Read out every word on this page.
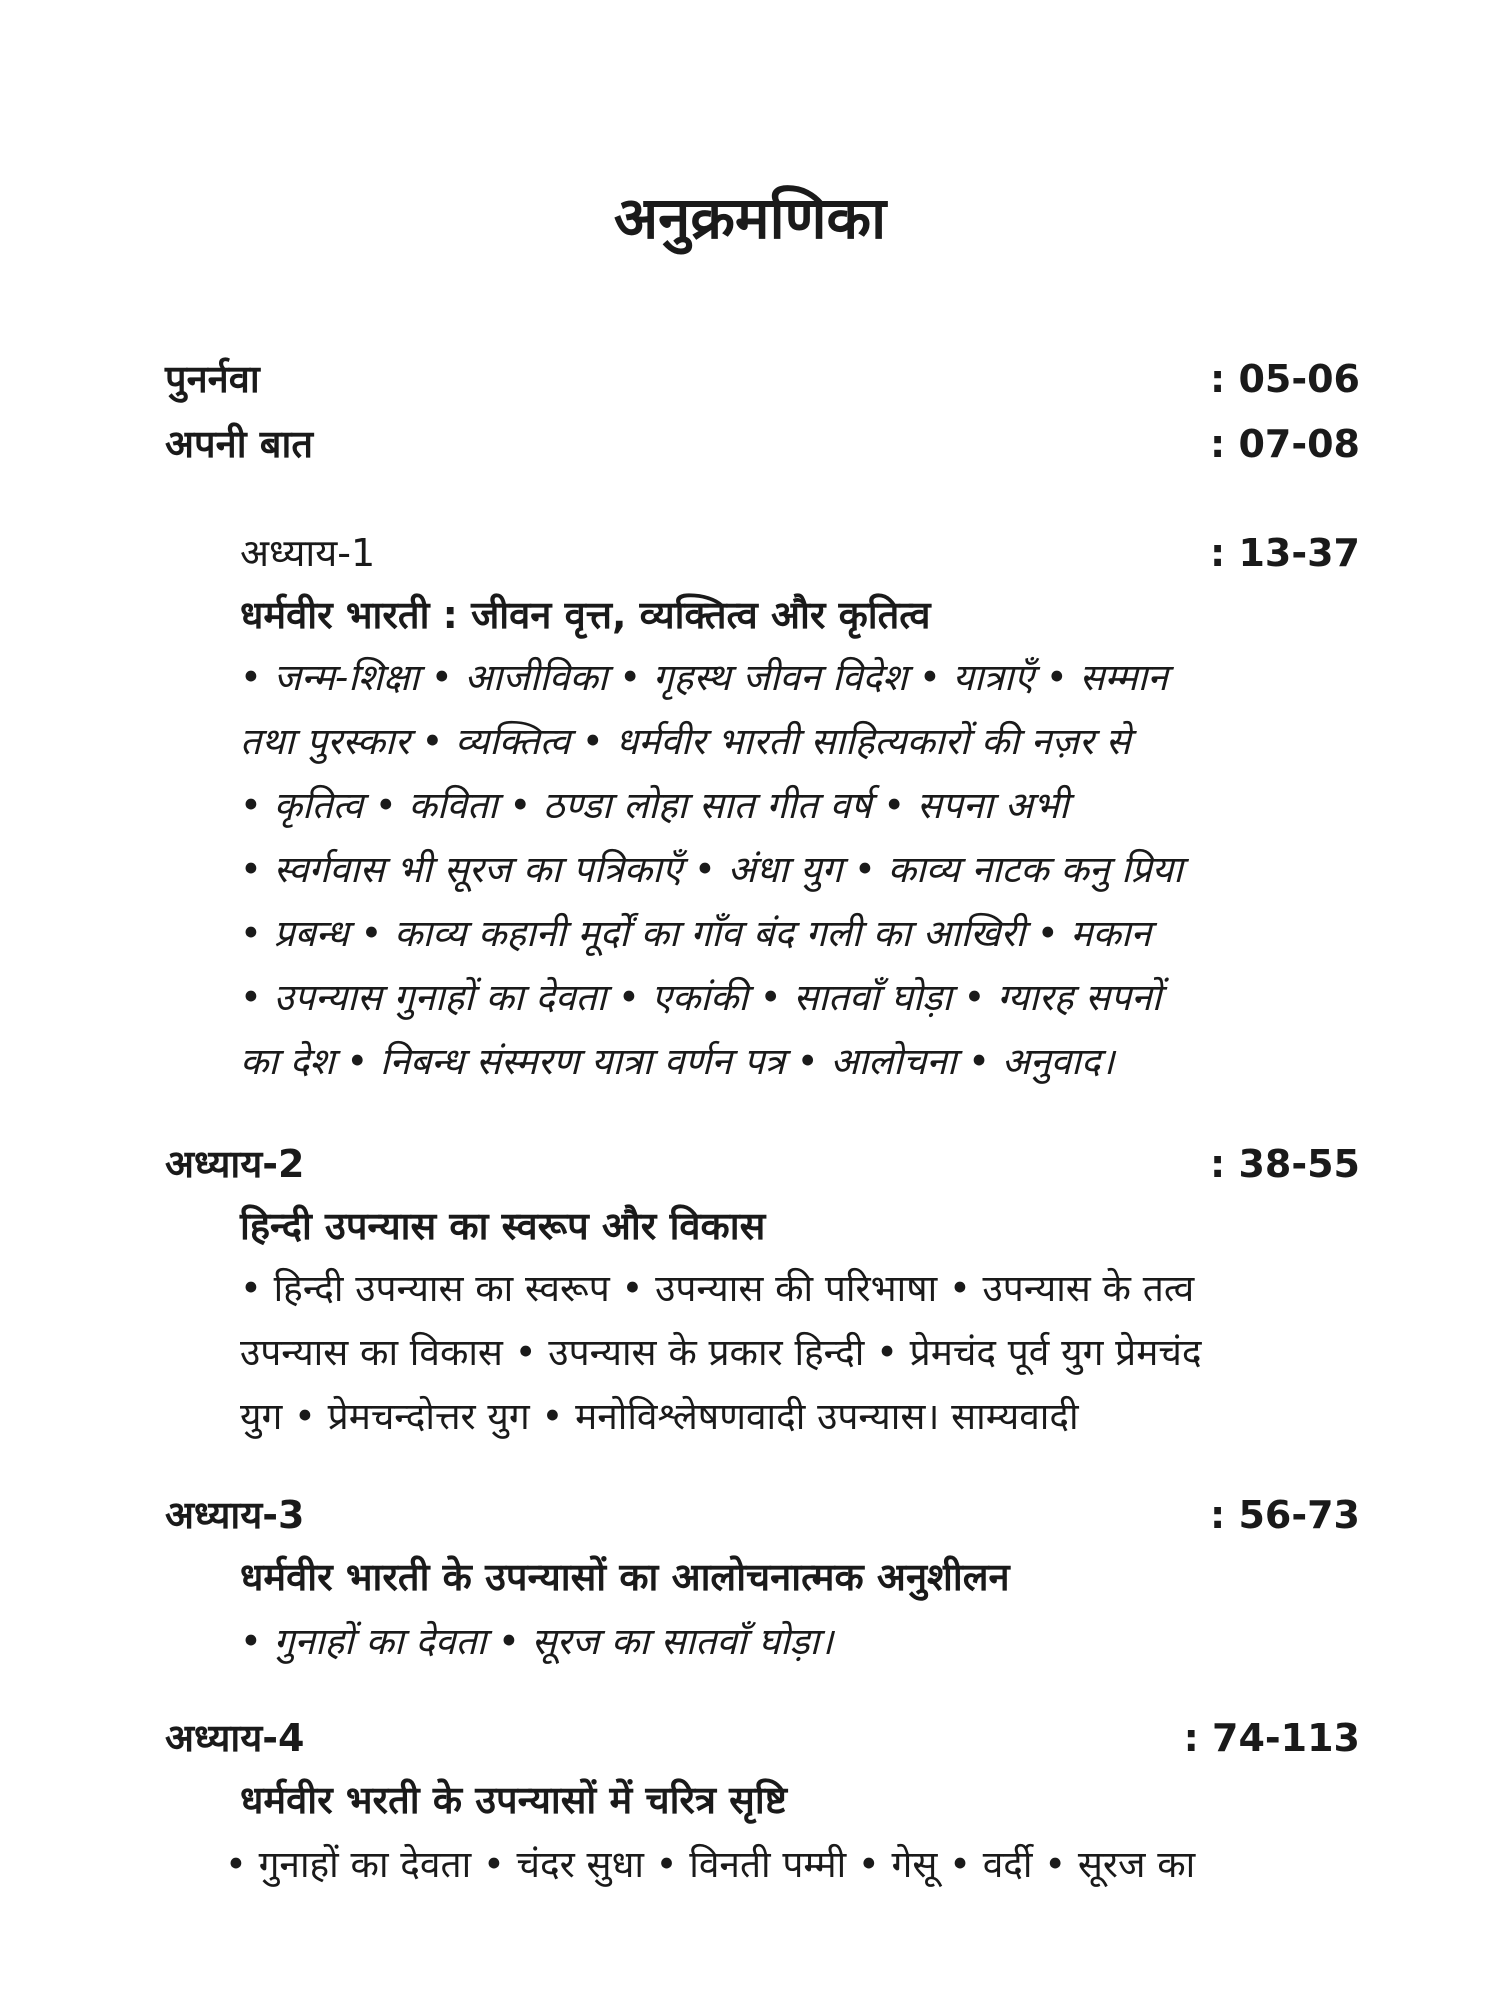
अनुक्रमणिका
पुनर्नवा	: 05-06
अपनी बात	: 07-08
अध्याय-1	: 13-37
धर्मवीर भारती : जीवन वृत्त, व्यक्तित्व और कृतित्व
• जन्म-शिक्षा • आजीविका • गृहस्थ जीवन विदेश • यात्राएँ • सम्मान
तथा पुरस्कार • व्यक्तित्व • धर्मवीर भारती साहित्यकारों की नज़र से
• कृतित्व • कविता • ठण्डा लोहा सात गीत वर्ष • सपना अभी
• स्वर्गवास भी सूरज का पत्रिकाएँ • अंधा युग • काव्य नाटक कनु प्रिया
• प्रबन्ध • काव्य कहानी मूर्दों का गाँव बंद गली का आखिरी • मकान
• उपन्यास गुनाहों का देवता • एकांकी • सातवाँ घोड़ा • ग्यारह सपनों
का देश • निबन्ध संस्मरण यात्रा वर्णन पत्र • आलोचना • अनुवाद।
अध्याय-2	: 38-55
हिन्दी उपन्यास का स्वरूप और विकास
• हिन्दी उपन्यास का स्वरूप • उपन्यास की परिभाषा • उपन्यास के तत्व
उपन्यास का विकास • उपन्यास के प्रकार हिन्दी • प्रेमचंद पूर्व युग प्रेमचंद
युग • प्रेमचन्दोत्तर युग • मनोविश्लेषणवादी उपन्यास। साम्यवादी
अध्याय-3	: 56-73
धर्मवीर भारती के उपन्यासों का आलोचनात्मक अनुशीलन
• गुनाहों का देवता • सूरज का सातवाँ घोड़ा।
अध्याय-4	: 74-113
धर्मवीर भरती के उपन्यासों में चरित्र सृष्टि
• गुनाहों का देवता • चंदर सुधा • विनती पम्मी • गेसू • वर्दी • सूरज का
